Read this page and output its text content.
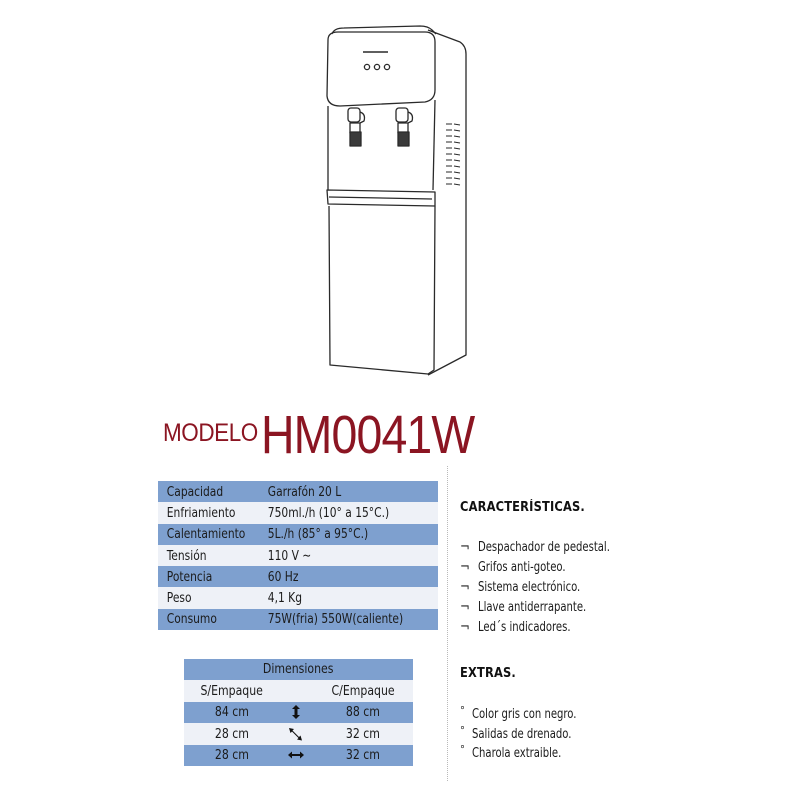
MODELO HM0041W
Capacidad	Garrafón 20 L
Enfriamiento	750ml./h (10° a 15°C.)
Calentamiento	5L./h (85° a 95°C.)
Tensión	110 V ∼
Potencia	60 Hz
Peso	4,1 Kg
Consumo	75W(fria) 550W(caliente)
Dimensiones
S/Empaque	C/Empaque
84 cm	88 cm
28 cm	32 cm
28 cm	32 cm
CARACTERÍSTICAS.
¬ Despachador de pedestal.
¬ Grifos anti-goteo.
¬ Sistema electrónico.
¬ Llave antiderrapante.
¬ Led´s indicadores.
EXTRAS.
° Color gris con negro.
° Salidas de drenado.
° Charola extraible.
